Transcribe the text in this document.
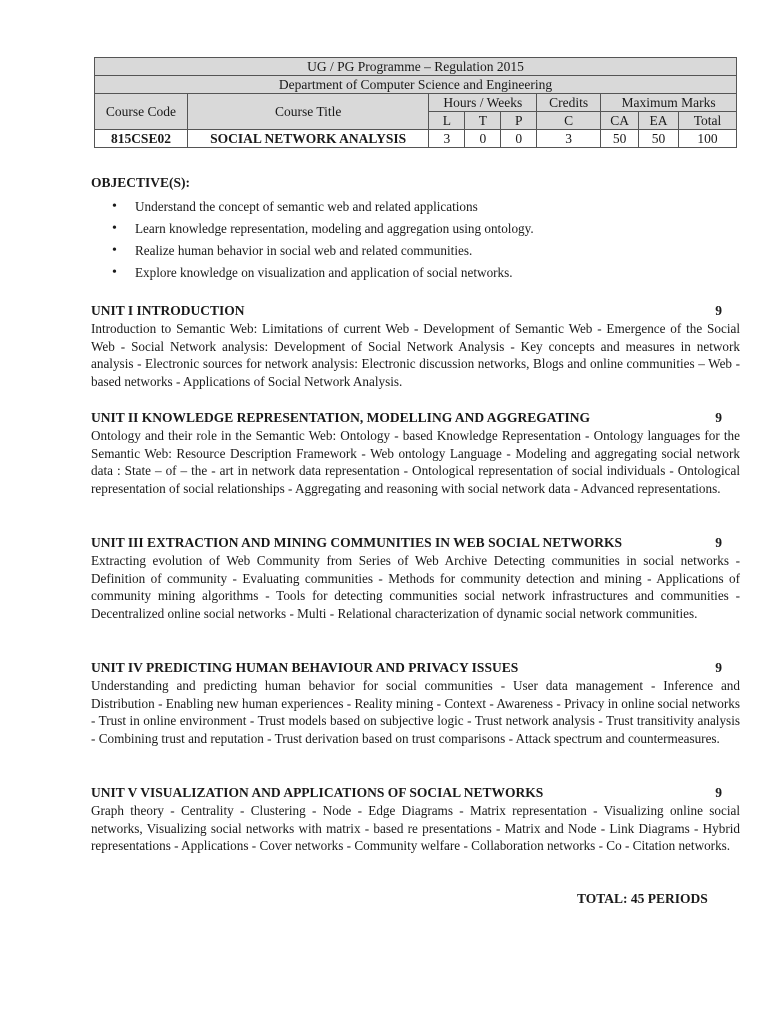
UG / PG Programme – Regulation 2015								
Department of Computer Science and Engineering								
Course Code	Course Title	Hours / Weeks			Credits	Maximum Marks		
		L	T	P	C	CA	EA	Total
815CSE02	SOCIAL NETWORK ANALYSIS	3	0	0	3	50	50	100
OBJECTIVE(S):
• Understand the concept of semantic web and related applications
• Learn knowledge representation, modeling and aggregation using ontology.
• Realize human behavior in social web and related communities.
• Explore knowledge on visualization and application of social networks.
UNIT I INTRODUCTION	9

Introduction to Semantic Web: Limitations of current Web - Development of Semantic Web - Emergence of the Social Web - Social Network analysis: Development of Social Network Analysis - Key concepts and measures in network analysis - Electronic sources for network analysis: Electronic discussion networks, Blogs and online communities – Web - based networks - Applications of Social Network Analysis.

UNIT II KNOWLEDGE REPRESENTATION, MODELLING AND AGGREGATING	9

Ontology and their role in the Semantic Web: Ontology - based Knowledge Representation - Ontology languages for the Semantic Web: Resource Description Framework - Web ontology Language - Modeling and aggregating social network data : State – of – the - art in network data representation - Ontological representation of social individuals - Ontological representation of social relationships - Aggregating and reasoning with social network data - Advanced representations.

UNIT III EXTRACTION AND MINING COMMUNITIES IN WEB SOCIAL NETWORKS	9

Extracting evolution of Web Community from Series of Web Archive Detecting communities in social networks - Definition of community - Evaluating communities - Methods for community detection and mining - Applications of community mining algorithms - Tools for detecting communities social network infrastructures and communities - Decentralized online social networks - Multi - Relational characterization of dynamic social network communities.

UNIT IV PREDICTING HUMAN BEHAVIOUR AND PRIVACY ISSUES	9

Understanding and predicting human behavior for social communities - User data management - Inference and Distribution - Enabling new human experiences - Reality mining - Context - Awareness - Privacy in online social networks - Trust in online environment - Trust models based on subjective logic - Trust network analysis - Trust transitivity analysis - Combining trust and reputation - Trust derivation based on trust comparisons - Attack spectrum and countermeasures.

UNIT V VISUALIZATION AND APPLICATIONS OF SOCIAL NETWORKS	9

Graph theory - Centrality - Clustering - Node - Edge Diagrams - Matrix representation - Visualizing online social networks, Visualizing social networks with matrix - based re presentations - Matrix and Node - Link Diagrams - Hybrid representations - Applications - Cover networks - Community welfare - Collaboration networks - Co - Citation networks.

TOTAL: 45 PERIODS
